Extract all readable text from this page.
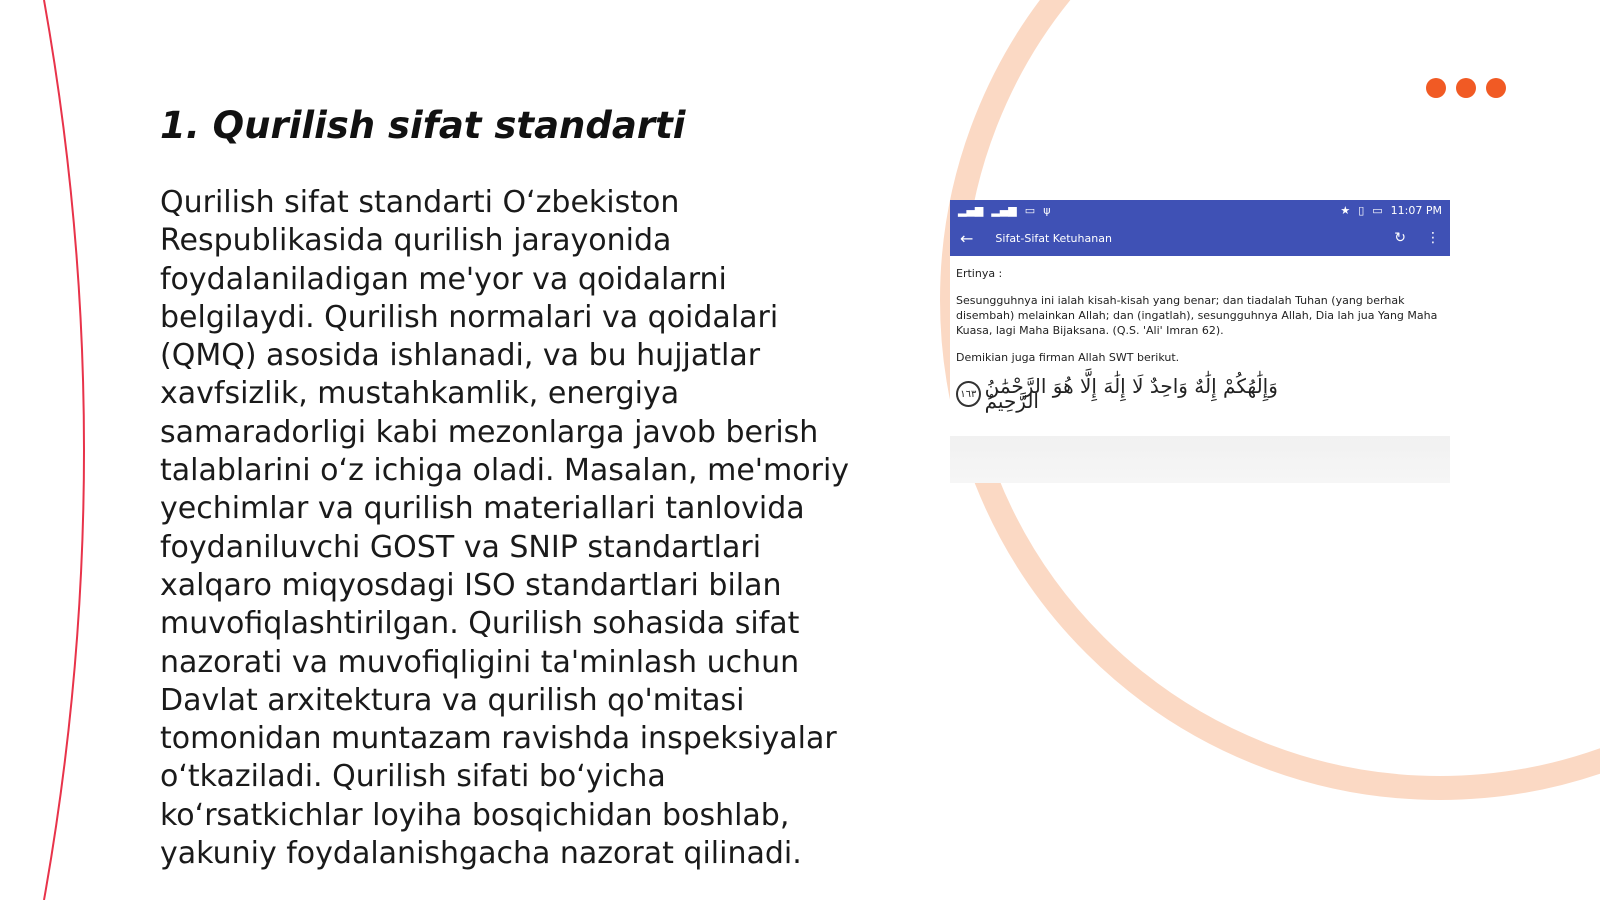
1. Qurilish sifat standarti

Qurilish sifat standarti O‘zbekiston Respublikasida qurilish jarayonida foydalaniladigan me'yor va qoidalarni belgilaydi. Qurilish normalari va qoidalari (QMQ) asosida ishlanadi, va bu hujjatlar xavfsizlik, mustahkamlik, energiya samaradorligi kabi mezonlarga javob berish talablarini o‘z ichiga oladi. Masalan, me'moriy yechimlar va qurilish materiallari tanlovida foydaniluvchi GOST va SNIP standartlari xalqaro miqyosdagi ISO standartlari bilan muvofiqlashtirilgan. Qurilish sohasida sifat nazorati va muvofiqligini ta'minlash uchun Davlat arxitektura va qurilish qo'mitasi tomonidan muntazam ravishda inspeksiyalar o‘tkaziladi. Qurilish sifati bo‘yicha ko‘rsatkichlar loyiha bosqichidan boshlab, yakuniy foydalanishgacha nazorat qilinadi.

▂▄▆ ▂▄▆ ▭ ψ	★ ▯ ▭ 11:07 PM
← Sifat-Sifat Ketuhanan	↻ ⋮

Ertinya :

Sesungguhnya ini ialah kisah-kisah yang benar; dan tiadalah Tuhan (yang berhak disembah) melainkan Allah; dan (ingatlah), sesungguhnya Allah, Dia lah jua Yang Maha Kuasa, lagi Maha Bijaksana. (Q.S. 'Ali' Imran 62).

Demikian juga firman Allah SWT berikut.

وَإِلَٰهُكُمْ إِلَٰهٌ وَاحِدٌ لَا إِلَٰهَ إِلَّا هُوَ الرَّحْمَٰنُ الرَّحِيمُ
١٦٣
